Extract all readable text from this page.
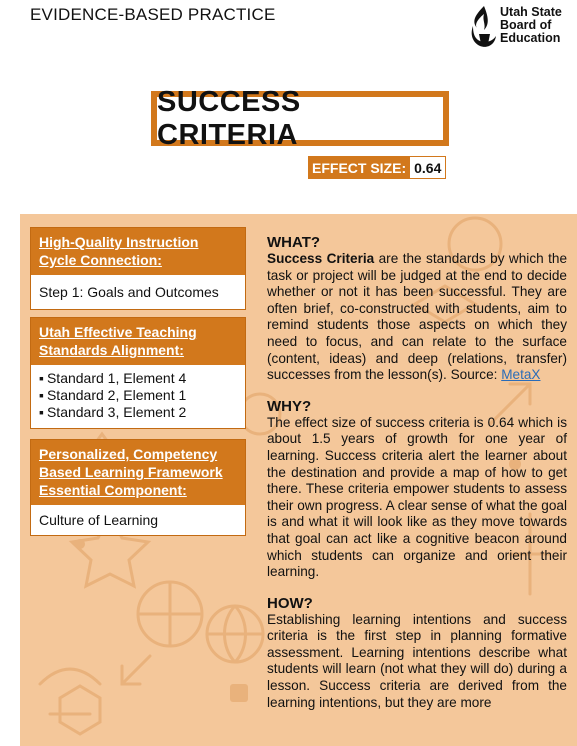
EVIDENCE-BASED PRACTICE	Utah State
Board of
Education
SUCCESS CRITERIA
EFFECT SIZE: 0.64
High-Quality Instruction Cycle Connection:
Step 1: Goals and Outcomes
Utah Effective Teaching Standards Alignment:
▪ Standard 1, Element 4
▪ Standard 2, Element 1
▪ Standard 3, Element 2
Personalized, Competency Based Learning Framework Essential Component:
Culture of Learning
WHAT?

Success Criteria are the standards by which the task or project will be judged at the end to decide whether or not it has been successful. They are often brief, co-constructed with students, aim to remind students those aspects on which they need to focus, and can relate to the surface (content, ideas) and deep (relations, transfer) successes from the lesson(s). Source: MetaX

WHY?

The effect size of success criteria is 0.64 which is about 1.5 years of growth for one year of learning. Success criteria alert the learner about the destination and provide a map of how to get there. These criteria empower students to assess their own progress. A clear sense of what the goal is and what it will look like as they move towards that goal can act like a cognitive beacon around which students can organize and orient their learning.

HOW?

Establishing learning intentions and success criteria is the first step in planning formative assessment. Learning intentions describe what students will learn (not what they will do) during a lesson. Success criteria are derived from the learning intentions, but they are more
